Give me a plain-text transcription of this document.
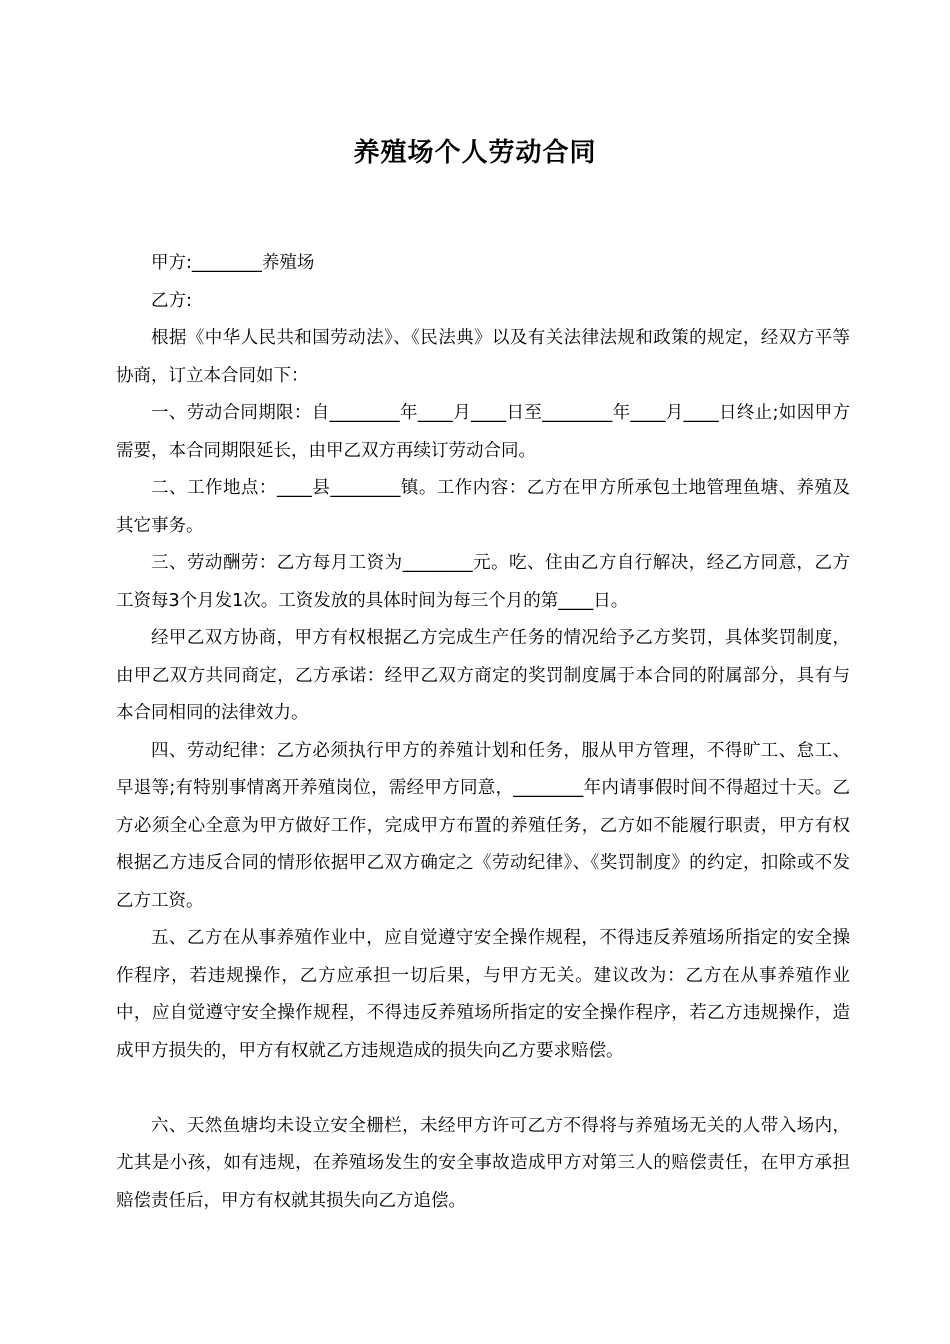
养殖场个人劳动合同

甲方:________养殖场

乙方:

根据《中华人民共和国劳动法》、《民法典》以及有关法律法规和政策的规定，经双方平等协商，订立本合同如下：

一、劳动合同期限：自________年____月____日至________年____月____日终止;如因甲方需要，本合同期限延长，由甲乙双方再续订劳动合同。

二、工作地点：____县________镇。工作内容：乙方在甲方所承包土地管理鱼塘、养殖及其它事务。

三、劳动酬劳：乙方每月工资为________元。吃、住由乙方自行解决，经乙方同意，乙方工资每3个月发1次。工资发放的具体时间为每三个月的第____日。

经甲乙双方协商，甲方有权根据乙方完成生产任务的情况给予乙方奖罚，具体奖罚制度，由甲乙双方共同商定，乙方承诺：经甲乙双方商定的奖罚制度属于本合同的附属部分，具有与本合同相同的法律效力。

四、劳动纪律：乙方必须执行甲方的养殖计划和任务，服从甲方管理，不得旷工、怠工、早退等;有特别事情离开养殖岗位，需经甲方同意，________年内请事假时间不得超过十天。乙方必须全心全意为甲方做好工作，完成甲方布置的养殖任务，乙方如不能履行职责，甲方有权根据乙方违反合同的情形依据甲乙双方确定之《劳动纪律》、《奖罚制度》的约定，扣除或不发乙方工资。

五、乙方在从事养殖作业中，应自觉遵守安全操作规程，不得违反养殖场所指定的安全操作程序，若违规操作，乙方应承担一切后果，与甲方无关。建议改为：乙方在从事养殖作业中，应自觉遵守安全操作规程，不得违反养殖场所指定的安全操作程序，若乙方违规操作，造成甲方损失的，甲方有权就乙方违规造成的损失向乙方要求赔偿。

六、天然鱼塘均未设立安全栅栏，未经甲方许可乙方不得将与养殖场无关的人带入场内，尤其是小孩，如有违规，在养殖场发生的安全事故造成甲方对第三人的赔偿责任，在甲方承担赔偿责任后，甲方有权就其损失向乙方追偿。
